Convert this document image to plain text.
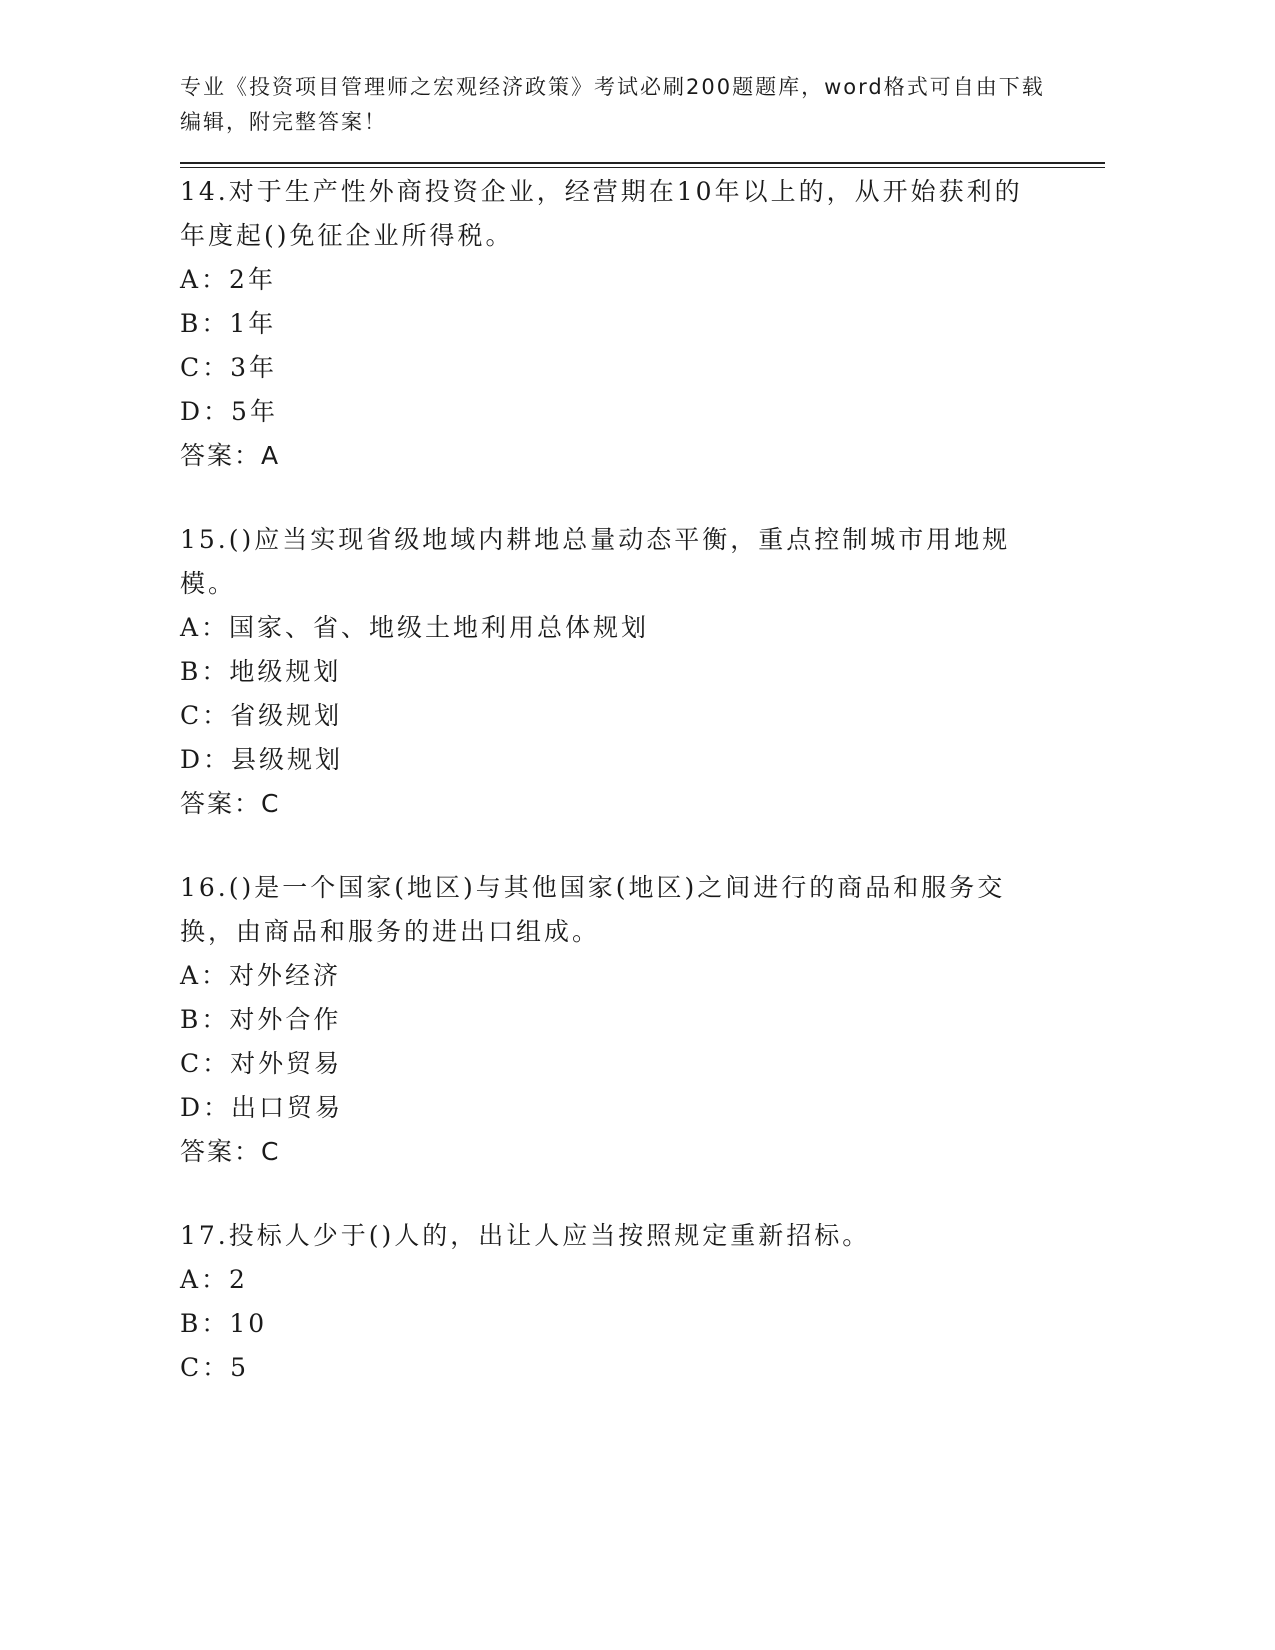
专业《投资项目管理师之宏观经济政策》考试必刷200题题库，word格式可自由下载编辑，附完整答案！
14.对于生产性外商投资企业，经营期在10年以上的，从开始获利的年度起()免征企业所得税。
A：2年
B：1年
C：3年
D：5年
答案：A
15.()应当实现省级地域内耕地总量动态平衡，重点控制城市用地规模。
A：国家、省、地级土地利用总体规划
B：地级规划
C：省级规划
D：县级规划
答案：C
16.()是一个国家(地区)与其他国家(地区)之间进行的商品和服务交换，由商品和服务的进出口组成。
A：对外经济
B：对外合作
C：对外贸易
D：出口贸易
答案：C
17.投标人少于()人的，出让人应当按照规定重新招标。
A：2
B：10
C：5
